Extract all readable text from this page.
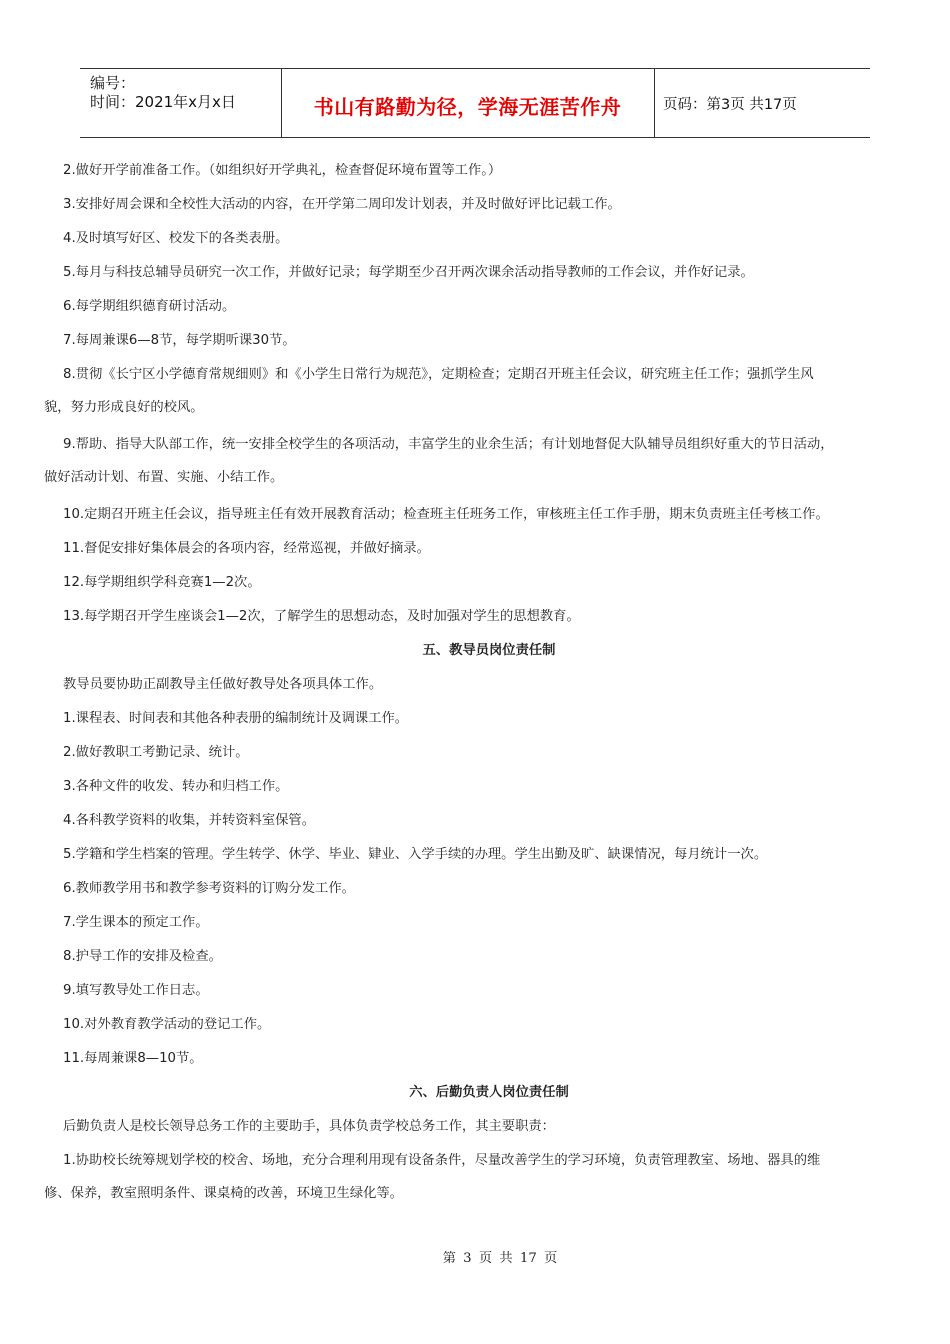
编号：
时间：2021年x月x日	书山有路勤为径，学海无涯苦作舟	页码：第3页 共17页

2.做好开学前准备工作。（如组织好开学典礼，检查督促环境布置等工作。）

3.安排好周会课和全校性大活动的内容，在开学第二周印发计划表，并及时做好评比记载工作。

4.及时填写好区、校发下的各类表册。

5.每月与科技总辅导员研究一次工作，并做好记录；每学期至少召开两次课余活动指导教师的工作会议，并作好记录。

6.每学期组织德育研讨活动。

7.每周兼课6—8节，每学期听课30节。

8.贯彻《长宁区小学德育常规细则》和《小学生日常行为规范》，定期检查；定期召开班主任会议，研究班主任工作；强抓学生风

貌，努力形成良好的校风。

9.帮助、指导大队部工作，统一安排全校学生的各项活动，丰富学生的业余生活；有计划地督促大队辅导员组织好重大的节日活动，

做好活动计划、布置、实施、小结工作。

10.定期召开班主任会议，指导班主任有效开展教育活动；检查班主任班务工作，审核班主任工作手册，期末负责班主任考核工作。

11.督促安排好集体晨会的各项内容，经常巡视，并做好摘录。

12.每学期组织学科竞赛1—2次。

13.每学期召开学生座谈会1—2次，了解学生的思想动态，及时加强对学生的思想教育。

五、教导员岗位责任制

教导员要协助正副教导主任做好教导处各项具体工作。

1.课程表、时间表和其他各种表册的编制统计及调课工作。

2.做好教职工考勤记录、统计。

3.各种文件的收发、转办和归档工作。

4.各科教学资料的收集，并转资料室保管。

5.学籍和学生档案的管理。学生转学、休学、毕业、肄业、入学手续的办理。学生出勤及旷、缺课情况，每月统计一次。

6.教师教学用书和教学参考资料的订购分发工作。

7.学生课本的预定工作。

8.护导工作的安排及检查。

9.填写教导处工作日志。

10.对外教育教学活动的登记工作。

11.每周兼课8—10节。

六、后勤负责人岗位责任制

后勤负责人是校长领导总务工作的主要助手，具体负责学校总务工作，其主要职责：

1.协助校长统筹规划学校的校舍、场地，充分合理利用现有设备条件，尽量改善学生的学习环境，负责管理教室、场地、器具的维

修、保养，教室照明条件、课桌椅的改善，环境卫生绿化等。

第 3 页 共 17 页
